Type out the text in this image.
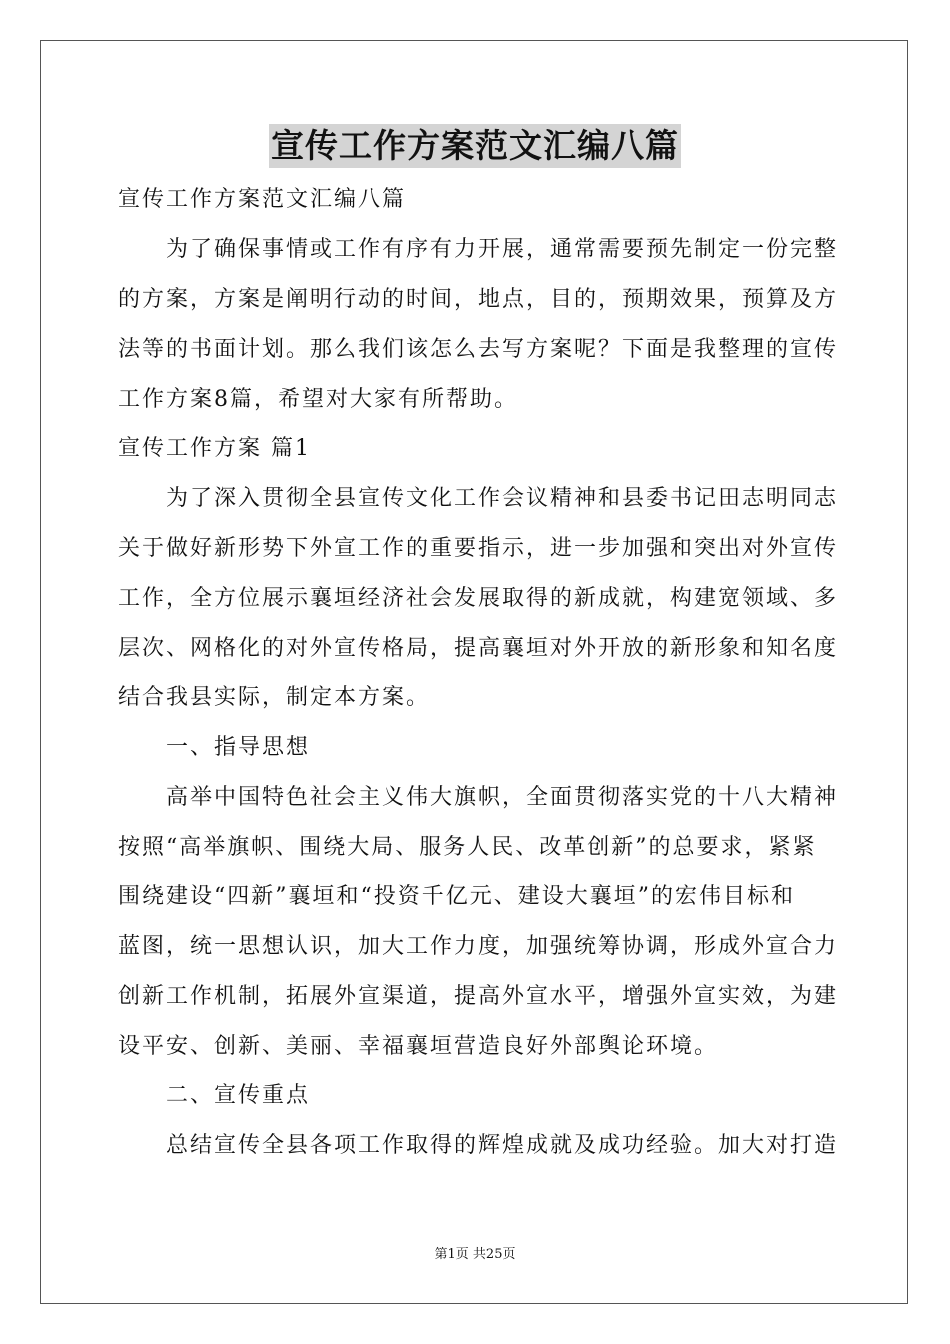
宣传工作方案范文汇编八篇
宣传工作方案范文汇编八篇
为了确保事情或工作有序有力开展，通常需要预先制定一份完整
的方案，方案是阐明行动的时间，地点，目的，预期效果，预算及方
法等的书面计划。那么我们该怎么去写方案呢？下面是我整理的宣传
工作方案8篇，希望对大家有所帮助。
宣传工作方案 篇1
为了深入贯彻全县宣传文化工作会议精神和县委书记田志明同志
关于做好新形势下外宣工作的重要指示，进一步加强和突出对外宣传
工作，全方位展示襄垣经济社会发展取得的新成就，构建宽领域、多
层次、网格化的对外宣传格局，提高襄垣对外开放的新形象和知名度
结合我县实际，制定本方案。
一、指导思想
高举中国特色社会主义伟大旗帜，全面贯彻落实党的十八大精神
按照“高举旗帜、围绕大局、服务人民、改革创新”的总要求，紧紧
围绕建设“四新”襄垣和“投资千亿元、建设大襄垣”的宏伟目标和
蓝图，统一思想认识，加大工作力度，加强统筹协调，形成外宣合力
创新工作机制，拓展外宣渠道，提高外宣水平，增强外宣实效，为建
设平安、创新、美丽、幸福襄垣营造良好外部舆论环境。
二、宣传重点
总结宣传全县各项工作取得的辉煌成就及成功经验。加大对打造
第1页 共25页
